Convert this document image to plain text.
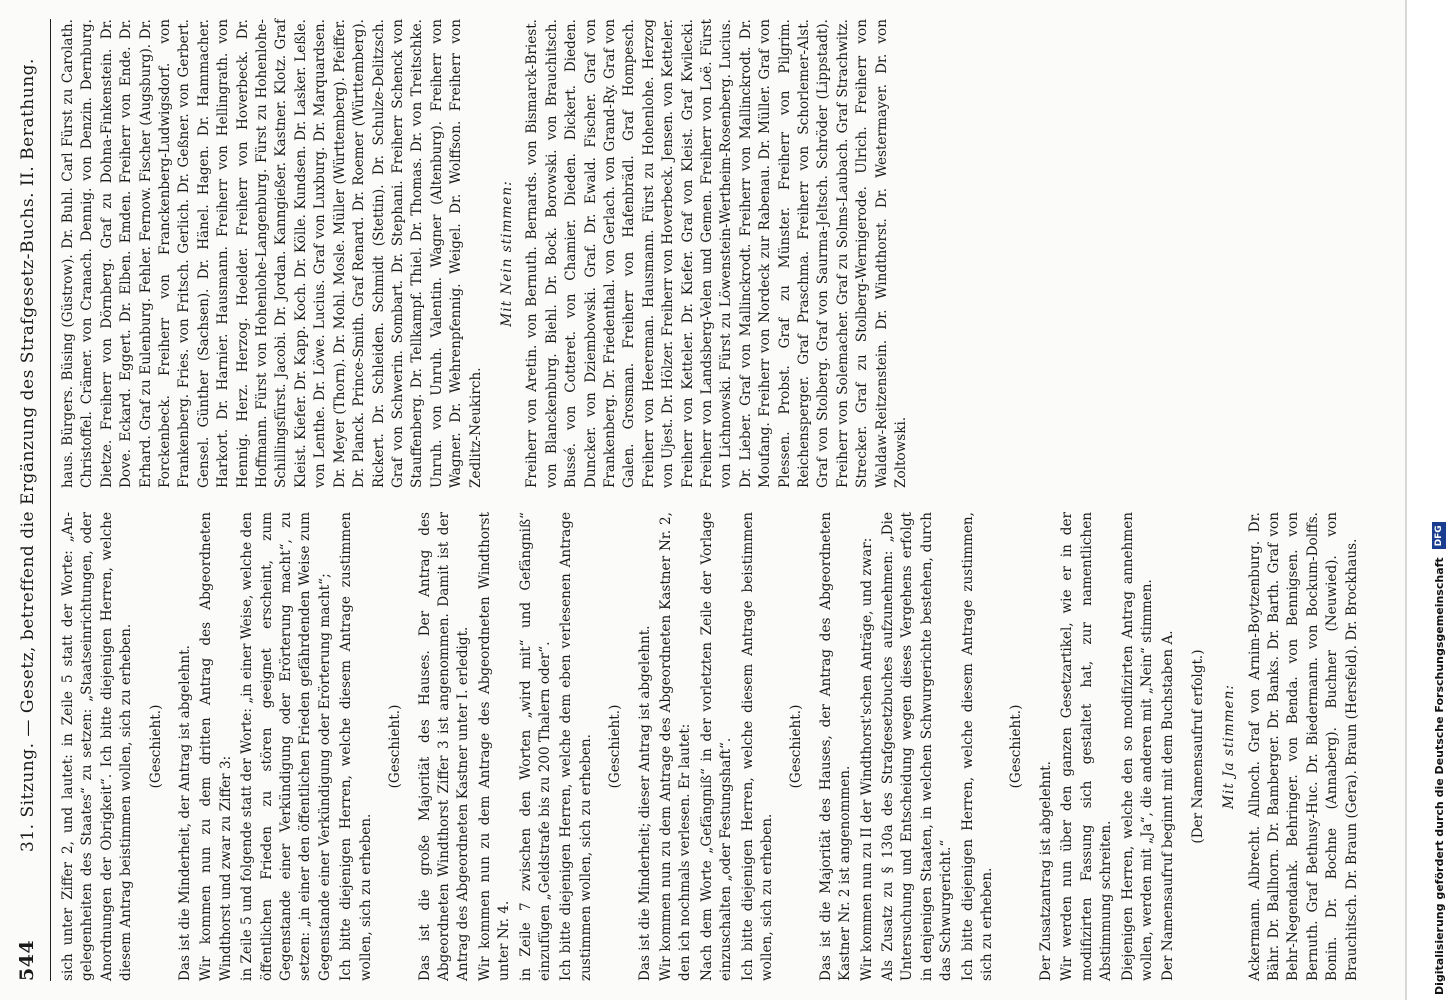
544
31. Sitzung. — Gesetz, betreffend die Ergänzung des Strafgesetz-Buchs. II. Berathung. sich unter Ziffer 2, und lautet: in Zeile 5 statt der Worte: „An-gelegenheiten des Staates“ zu setzen: „Staatseinrichtungen, oder Anordnungen der Obrigkeit“. Ich bitte diejenigen Herren, welche diesem Antrag beistimmen wollen, sich zu erheben. (Geschieht.) Das ist die Minderheit, der Antrag ist abgelehnt. Wir kommen nun zu dem dritten Antrag des Abgeordneten Windthorst und zwar zu Ziffer 3: in Zeile 5 und folgende statt der Worte: „in einer Weise, welche den öffentlichen Frieden zu stören geeignet erscheint, zum Gegenstande einer Verkündigung oder Erörterung macht“, zu setzen: „in einer den öffentlichen Frieden gefährdenden Weise zum Gegenstande einer Verkündigung oder Erörterung macht“; Ich bitte diejenigen Herren, welche diesem Antrage zustimmen wollen, sich zu erheben.

(Geschieht.) Das ist die große Majorität des Hauses. Der Antrag des Abgeordneten Windthorst Ziffer 3 ist angenommen. Damit ist der Antrag des Abgeordneten Kastner unter I. erledigt. Wir kommen nun zu dem Antrage des Abgeordneten Windthorst unter Nr. 4. in Zeile 7 zwischen den Worten „wird mit“ und Gefängniß“ einzufügen „Geldstrafe bis zu 200 Thalern oder“. Ich bitte diejenigen Herren, welche dem eben verlesenen Antrage zustimmen wollen, sich zu erheben. (Geschieht.) Das ist die Minderheit; dieser Antrag ist abgelehnt. Wir kommen nun zu dem Antrage des Abgeordneten Kastner Nr. 2, den ich nochmals verlesen. Er lautet: Nach dem Worte „Gefängniß“ in der vorletzten Zeile der Vorlage einzuschalten „oder Festungshaft“. Ich bitte diejenigen Herren, welche diesem Antrage beistimmen wollen, sich zu erheben.

(Geschieht.) Das ist die Majorität des Hauses, der Antrag des Abgeordneten Kastner Nr. 2 ist angenommen. Wir kommen nun zu II der Windthorst'schen Anträge, und zwar: Als Zusatz zu § 130a des Strafgesetzbuches aufzunehmen: „Die Untersuchung und Entscheidung wegen dieses Vergehens erfolgt in denjenigen Staaten, in welchen Schwurgerichte bestehen, durch das Schwurgericht.“ Ich bitte diejenigen Herren, welche diesem Antrage zustimmen, sich zu erheben.

(Geschieht.)

Der Zusatzantrag ist abgelehnt. Wir werden nun über den ganzen Gesetzartikel, wie er in der modifizirten Fassung sich gestaltet hat, zur namentlichen Abstimmung schreiten. Diejenigen Herren, welche den so modifizirten Antrag annehmen wollen, werden mit „Ja“, die anderen mit „Nein“ stimmen. Der Namensaufruf beginnt mit dem Buchstaben A. (Der Namensaufruf erfolgt.) Mit Ja stimmen: Ackermann. Albrecht. Allnoch. Graf von Arnim-Boytzenburg. Dr. Bähr. Dr. Ballhorn. Dr. Bamberger. Dr. Banks. Dr. Barth. Graf von Behr-Negendank. Behringer. von Benda. von Bennigsen. von Bernuth. Graf Bethusy-Huc. Dr. Biedermann. von Bockum-Dolffs. Bonin. Dr. Bochne (Annaberg). Buchner (Neuwied). von Brauchitsch. Dr. Braun (Gera). Braun (Hersfeld). Dr. Brockhaus.

haus. Bürgers. Büsing (Güstrow). Dr. Buhl. Carl Fürst zu Carolath. Christoffel. Crämer. von Cranach. Dennig. von Denzin. Dernburg. Dietze. Freiherr von Dörnberg. Graf zu Dohna-Finkenstein. Dr. Dove. Eckard. Eggert. Dr. Elben. Emden. Freiherr von Ende. Dr. Erhard. Graf zu Eulenburg. Fehler. Fernow. Fischer (Augsburg). Dr. Forckenbeck. Freiherr von Franckenberg-Ludwigsdorf. von Frankenberg. Fries. von Fritsch. Gerlich. Dr. Geßner. von Gerbert. Gensel. Günther (Sachsen). Dr. Hänel. Hagen. Dr. Hammacher. Harkort. Dr. Harnier. Hausmann. Freiherr von Hellingrath. von Hennig. Herz. Herzog. Hoelder. Freiherr von Hoverbeck. Dr. Hoffmann. Fürst von Hohenlohe-Langenburg. Fürst zu Hohenlohe-Schillingsfürst. Jacobi. Dr. Jordan. Kanngießer. Kastner. Klotz. Graf Kleist. Kiefer. Dr. Kapp. Koch. Dr. Kölle. Kundsen. Dr. Lasker. Leßle. von Lenthe. Dr. Löwe. Lucius. Graf von Luxburg. Dr. Marquardsen. Dr. Meyer (Thorn). Dr. Mohl. Mosle. Müller (Württemberg). Pfeiffer. Dr. Planck. Prince-Smith. Graf Renard. Dr. Roemer (Württemberg). Rickert. Dr. Schleiden. Schmidt (Stettin). Dr. Schulze-Delitzsch. Graf von Schwerin. Sombart. Dr. Stephani. Freiherr Schenck von Stauffenberg. Dr. Tellkampf. Thiel. Dr. Thomas. Dr. von Treitschke. Unruh. von Unruh. Valentin. Wagner (Altenburg). Freiherr von Wagner. Dr. Wehrenpfennig. Weigel. Dr. Wolffson. Freiherr von Zedlitz-Neukirch.

Mit Nein stimmen: Freiherr von Aretin. von Bernuth. Bernards. von Bismarck-Briest. von Blanckenburg. Biehl. Dr. Bock. Borowski. von Brauchitsch. Bussé. von Cotteret. von Chamier. Dieden. Dickert. Dieden. Duncker. von Dziembowski. Graf. Dr. Ewald. Fischer. Graf von Frankenberg. Dr. Friedenthal. von Gerlach. von Grand-Ry. Graf von Galen. Grosman. Freiherr von Hafenbrädl. Graf Hompesch. Freiherr von Heereman. Hausmann. Fürst zu Hohenlohe. Herzog von Ujest. Dr. Hölzer. Freiherr von Hoverbeck. Jensen. von Ketteler. Freiherr von Ketteler. Dr. Kiefer. Graf von Kleist. Graf Kwilecki. Freiherr von Landsberg-Velen und Gemen. Freiherr von Loë. Fürst von Lichnowski. Fürst zu Löwenstein-Wertheim-Rosenberg. Lucius. Dr. Lieber. Graf von Mallinckrodt. Freiherr von Mallinckrodt. Dr. Moufang. Freiherr von Nordeck zur Rabenau. Dr. Müller. Graf von Plessen. Probst. Graf zu Münster. Freiherr von Pilgrim. Reichensperger. Graf Praschma. Freiherr von Schorlemer-Alst. Graf von Stolberg. Graf von Saurma-Jeltsch. Schröder (Lippstadt). Freiherr von Solemacher. Graf zu Solms-Laubach. Graf Strachwitz. Strecker. Graf zu Stolberg-Wernigerode. Ulrich. Freiherr von Waldaw-Reitzenstein. Dr. Windthorst. Dr. Westermayer. Dr. von Zoltowski.

Digitalisierung gefördert durch die Deutsche Forschungsgemeinschaft
DFG
